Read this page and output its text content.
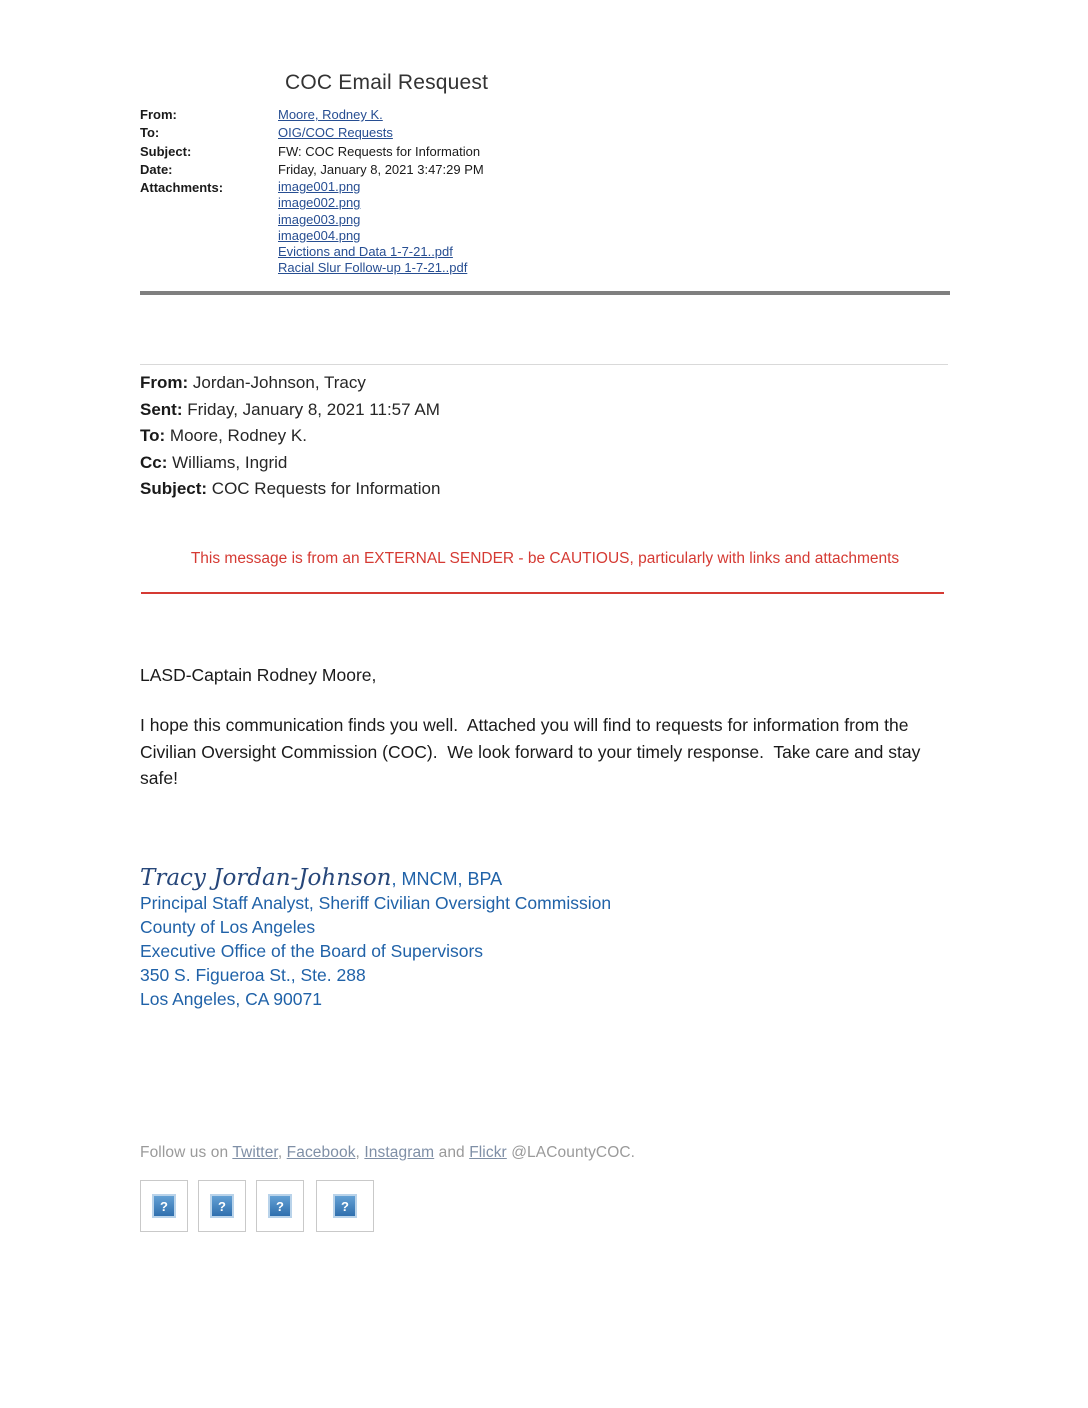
COC Email Resquest
From:	Moore, Rodney K.
To:	OIG/COC Requests
Subject:	FW: COC Requests for Information
Date:	Friday, January 8, 2021 3:47:29 PM
Attachments:	image001.png
image002.png
image003.png
image004.png
Evictions and Data 1-7-21..pdf
Racial Slur Follow-up 1-7-21..pdf
From: Jordan-Johnson, Tracy
Sent: Friday, January 8, 2021 11:57 AM
To: Moore, Rodney K.
Cc: Williams, Ingrid
Subject: COC Requests for Information
This message is from an EXTERNAL SENDER - be CAUTIOUS, particularly with links and attachments
LASD-Captain Rodney Moore,
I hope this communication finds you well.  Attached you will find to requests for information from the Civilian Oversight Commission (COC).  We look forward to your timely response.  Take care and stay safe!
Tracy Jordan-Johnson, MNCM, BPA
Principal Staff Analyst, Sheriff Civilian Oversight Commission
County of Los Angeles
Executive Office of the Board of Supervisors
350 S. Figueroa St., Ste. 288
Los Angeles, CA 90071
Follow us on Twitter, Facebook, Instagram and Flickr @LACountyCOC.
?	?	?	?
